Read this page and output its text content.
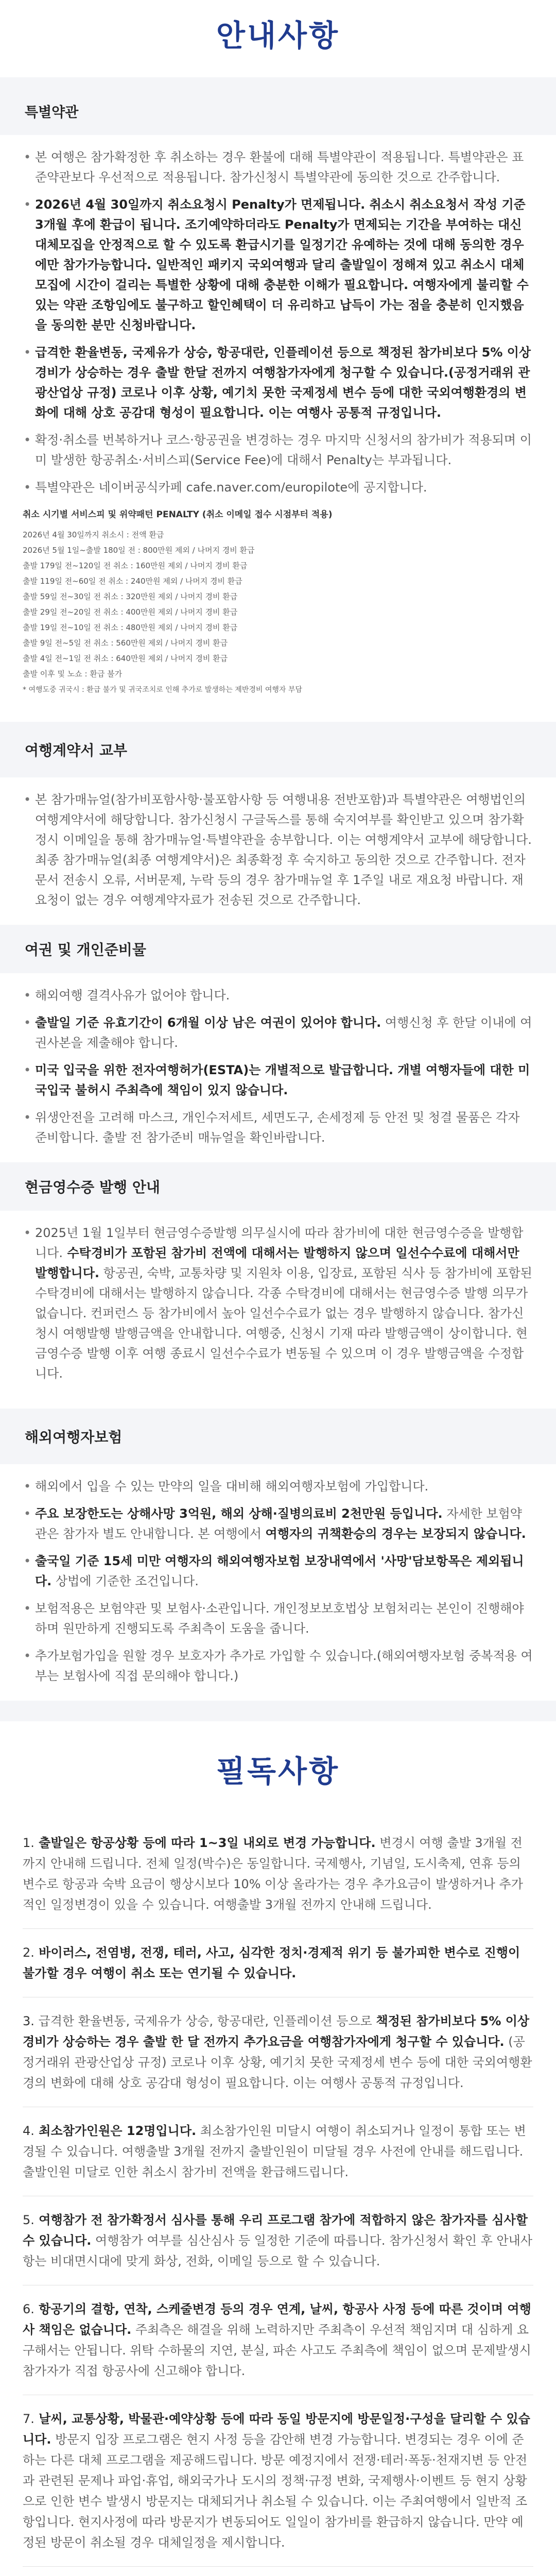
안내사항
특별약관
• 본 여행은 참가확정한 후 취소하는 경우 환불에 대해 특별약관이 적용됩니다. 특별약관은 표준약관보다 우선적으로 적용됩니다. 참가신청시 특별약관에 동의한 것으로 간주합니다.
• 2026년 4월 30일까지 취소요청시 Penalty가 면제됩니다. 취소시 취소요청서 작성 기준 3개월 후에 환급이 됩니다. 조기예약하더라도 Penalty가 면제되는 기간을 부여하는 대신 대체모집을 안정적으로 할 수 있도록 환급시기를 일정기간 유예하는 것에 대해 동의한 경우에만 참가가능합니다. 일반적인 패키지 국외여행과 달리 출발일이 정해져 있고 취소시 대체모집에 시간이 걸리는 특별한 상황에 대해 충분한 이해가 필요합니다. 여행자에게 불리할 수 있는 약관 조항임에도 불구하고 할인혜택이 더 유리하고 납득이 가는 점을 충분히 인지했음을 동의한 분만 신청바랍니다.
• 급격한 환율변동, 국제유가 상승, 항공대란, 인플레이션 등으로 책정된 참가비보다 5% 이상 경비가 상승하는 경우 출발 한달 전까지 여행참가자에게 청구할 수 있습니다.(공정거래위 관광산업상 규정) 코로나 이후 상황, 예기치 못한 국제정세 변수 등에 대한 국외여행환경의 변화에 대해 상호 공감대 형성이 필요합니다. 이는 여행사 공통적 규정입니다.
• 확정·취소를 번복하거나 코스·항공권을 변경하는 경우 마지막 신청서의 참가비가 적용되며 이미 발생한 항공취소·서비스피(Service Fee)에 대해서 Penalty는 부과됩니다.
• 특별약관은 네이버공식카페 cafe.naver.com/europilote에 공지합니다.
취소 시기별 서비스피 및 위약패턴 PENALTY (취소 이메일 접수 시점부터 적용)
2026년 4월 30일까지 취소시 : 전액 환급
2026년 5월 1일~출발 180일 전 : 800만원 제외 / 나머지 경비 환급
출발 179일 전~120일 전 취소 : 160만원 제외 / 나머지 경비 환급
출발 119일 전~60일 전 취소 : 240만원 제외 / 나머지 경비 환급
출발 59일 전~30일 전 취소 : 320만원 제외 / 나머지 경비 환급
출발 29일 전~20일 전 취소 : 400만원 제외 / 나머지 경비 환급
출발 19일 전~10일 전 취소 : 480만원 제외 / 나머지 경비 환급
출발 9일 전~5일 전 취소 : 560만원 제외 / 나머지 경비 환급
출발 4일 전~1일 전 취소 : 640만원 제외 / 나머지 경비 환급
출발 이후 및 노쇼 : 환급 불가
* 여행도중 귀국시 : 환급 불가 및 귀국조치로 인해 추가로 발생하는 제반경비 여행자 부담
여행계약서 교부
• 본 참가매뉴얼(참가비포함사항·불포함사항 등 여행내용 전반포함)과 특별약관은 여행법인의 여행계약서에 해당합니다. 참가신청시 구글독스를 통해 숙지여부를 확인받고 있으며 참가확정시 이메일을 통해 참가매뉴얼·특별약관을 송부합니다. 이는 여행계약서 교부에 해당합니다. 최종 참가매뉴얼(최종 여행계약서)은 최종확정 후 숙지하고 동의한 것으로 간주합니다. 전자문서 전송시 오류, 서버문제, 누락 등의 경우 참가매뉴얼 후 1주일 내로 재요청 바랍니다. 재요청이 없는 경우 여행계약자료가 전송된 것으로 간주합니다.
여권 및 개인준비물
• 해외여행 결격사유가 없어야 합니다.
• 출발일 기준 유효기간이 6개월 이상 남은 여권이 있어야 합니다. 여행신청 후 한달 이내에 여권사본을 제출해야 합니다.
• 미국 입국을 위한 전자여행허가(ESTA)는 개별적으로 발급합니다. 개별 여행자들에 대한 미국입국 불허시 주최측에 책임이 있지 않습니다.
• 위생안전을 고려해 마스크, 개인수저세트, 세면도구, 손세정제 등 안전 및 청결 물품은 각자 준비합니다. 출발 전 참가준비 매뉴얼을 확인바랍니다.
현금영수증 발행 안내
• 2025년 1월 1일부터 현금영수증발행 의무실시에 따라 참가비에 대한 현금영수증을 발행합니다. 수탁경비가 포함된 참가비 전액에 대해서는 발행하지 않으며 일선수수료에 대해서만 발행합니다. 항공권, 숙박, 교통차량 및 지원차 이용, 입장료, 포함된 식사 등 참가비에 포함된 수탁경비에 대해서는 발행하지 않습니다. 각종 수탁경비에 대해서는 현금영수증 발행 의무가 없습니다. 컨퍼런스 등 참가비에서 높아 일선수수료가 없는 경우 발행하지 않습니다. 참가신청시 여행발행 발행금액을 안내합니다. 여행중, 신청시 기재 따라 발행금액이 상이합니다. 현금영수증 발행 이후 여행 종료시 일선수수료가 변동될 수 있으며 이 경우 발행금액을 수정합니다.
해외여행자보험
• 해외에서 입을 수 있는 만약의 일을 대비해 해외여행자보험에 가입합니다.
• 주요 보장한도는 상해사망 3억원, 해외 상해·질병의료비 2천만원 등입니다. 자세한 보험약관은 참가자 별도 안내합니다. 본 여행에서 여행자의 귀책환승의 경우는 보장되지 않습니다.
• 출국일 기준 15세 미만 여행자의 해외여행자보험 보장내역에서 '사망'담보항목은 제외됩니다. 상법에 기준한 조건입니다.
• 보험적용은 보험약관 및 보험사·소관입니다. 개인정보보호법상 보험처리는 본인이 진행해야 하며 원만하게 진행되도록 주최측이 도움을 줍니다.
• 추가보험가입을 원할 경우 보호자가 추가로 가입할 수 있습니다.(해외여행자보험 중복적용 여부는 보험사에 직접 문의해야 합니다.)
필독사항
1. 출발일은 항공상황 등에 따라 1~3일 내외로 변경 가능합니다. 변경시 여행 출발 3개월 전까지 안내해 드립니다. 전체 일정(박수)은 동일합니다. 국제행사, 기념일, 도시축제, 연휴 등의 변수로 항공과 숙박 요금이 행상시보다 10% 이상 올라가는 경우 추가요금이 발생하거나 추가적인 일정변경이 있을 수 있습니다. 여행출발 3개월 전까지 안내해 드립니다.
2. 바이러스, 전염병, 전쟁, 테러, 사고, 심각한 정치·경제적 위기 등 불가피한 변수로 진행이 불가할 경우 여행이 취소 또는 연기될 수 있습니다.
3. 급격한 환율변동, 국제유가 상승, 항공대란, 인플레이션 등으로 책정된 참가비보다 5% 이상 경비가 상승하는 경우 출발 한 달 전까지 추가요금을 여행참가자에게 청구할 수 있습니다. (공정거래위 관광산업상 규정) 코로나 이후 상황, 예기치 못한 국제정세 변수 등에 대한 국외여행환경의 변화에 대해 상호 공감대 형성이 필요합니다. 이는 여행사 공통적 규정입니다.
4. 최소참가인원은 12명입니다. 최소참가인원 미달시 여행이 취소되거나 일정이 통합 또는 변경될 수 있습니다. 여행출발 3개월 전까지 출발인원이 미달될 경우 사전에 안내를 해드립니다. 출발인원 미달로 인한 취소시 참가비 전액을 환급해드립니다.
5. 여행참가 전 참가확정서 심사를 통해 우리 프로그램 참가에 적합하지 않은 참가자를 심사할 수 있습니다. 여행참가 여부를 심산심사 등 일정한 기준에 따릅니다. 참가신청서 확인 후 안내사항는 비대면시대에 맞게 화상, 전화, 이메일 등으로 할 수 있습니다.
6. 항공기의 결항, 연착, 스케줄변경 등의 경우 연계, 날씨, 항공사 사정 등에 따른 것이며 여행사 책임은 없습니다. 주최측은 해결을 위해 노력하지만 주최측이 우선적 책임지며 대 심하게 요구해서는 안됩니다. 위탁 수하물의 지연, 분실, 파손 사고도 주최측에 책임이 없으며 문제발생시 참가자가 직접 항공사에 신고해야 합니다.
7. 날씨, 교통상황, 박물관·예약상황 등에 따라 동일 방문지에 방문일정·구성을 달리할 수 있습니다. 방문지 입장 프로그램은 현지 사정 등을 감안해 변경 가능합니다. 변경되는 경우 이에 준하는 다른 대체 프로그램을 제공해드립니다. 방문 예정지에서 전쟁·테러·폭동·천재지변 등 안전과 관련된 문제나 파업·휴업, 해외국가나 도시의 정책·규정 변화, 국제행사·이벤트 등 현지 상황으로 인한 변수 발생시 방문지는 대체되거나 취소될 수 있습니다. 이는 주최여행에서 일반적 조항입니다. 현지사정에 따라 방문지가 변동되어도 일일이 참가비를 환급하지 않습니다. 만약 예정된 방문이 취소될 경우 대체일정을 제시합니다.
